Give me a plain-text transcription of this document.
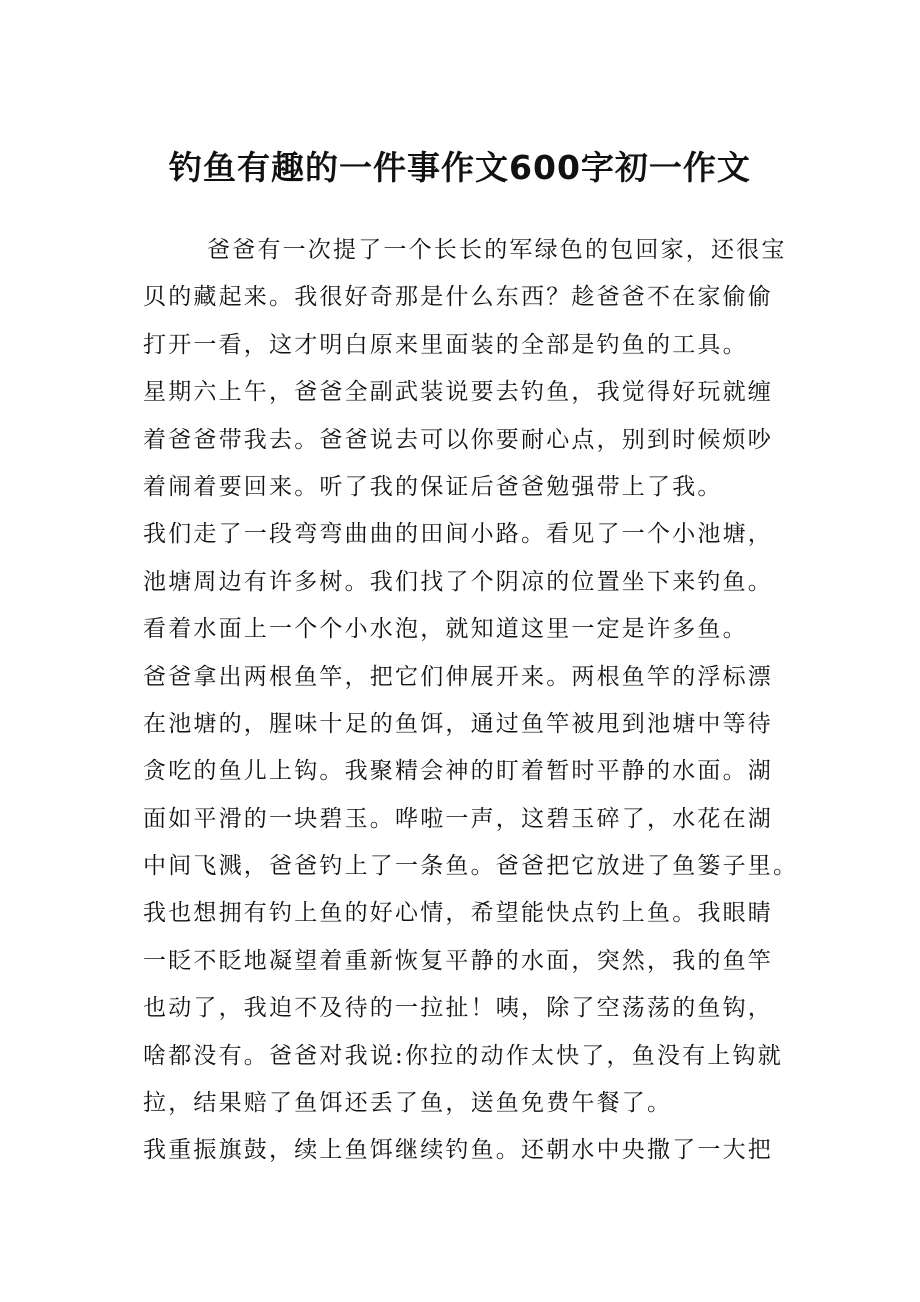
钓鱼有趣的一件事作文600字初一作文
爸爸有一次提了一个长长的军绿色的包回家，还很宝
贝的藏起来。我很好奇那是什么东西？趁爸爸不在家偷偷
打开一看，这才明白原来里面装的全部是钓鱼的工具。
星期六上午，爸爸全副武装说要去钓鱼，我觉得好玩就缠
着爸爸带我去。爸爸说去可以你要耐心点，别到时候烦吵
着闹着要回来。听了我的保证后爸爸勉强带上了我。
我们走了一段弯弯曲曲的田间小路。看见了一个小池塘，
池塘周边有许多树。我们找了个阴凉的位置坐下来钓鱼。
看着水面上一个个小水泡，就知道这里一定是许多鱼。
爸爸拿出两根鱼竿，把它们伸展开来。两根鱼竿的浮标漂
在池塘的，腥味十足的鱼饵，通过鱼竿被甩到池塘中等待
贪吃的鱼儿上钩。我聚精会神的盯着暂时平静的水面。湖
面如平滑的一块碧玉。哗啦一声，这碧玉碎了，水花在湖
中间飞溅，爸爸钓上了一条鱼。爸爸把它放进了鱼篓子里。
我也想拥有钓上鱼的好心情，希望能快点钓上鱼。我眼睛
一眨不眨地凝望着重新恢复平静的水面，突然，我的鱼竿
也动了，我迫不及待的一拉扯！咦，除了空荡荡的鱼钩，
啥都没有。爸爸对我说:你拉的动作太快了，鱼没有上钩就
拉，结果赔了鱼饵还丢了鱼，送鱼免费午餐了。
我重振旗鼓，续上鱼饵继续钓鱼。还朝水中央撒了一大把
